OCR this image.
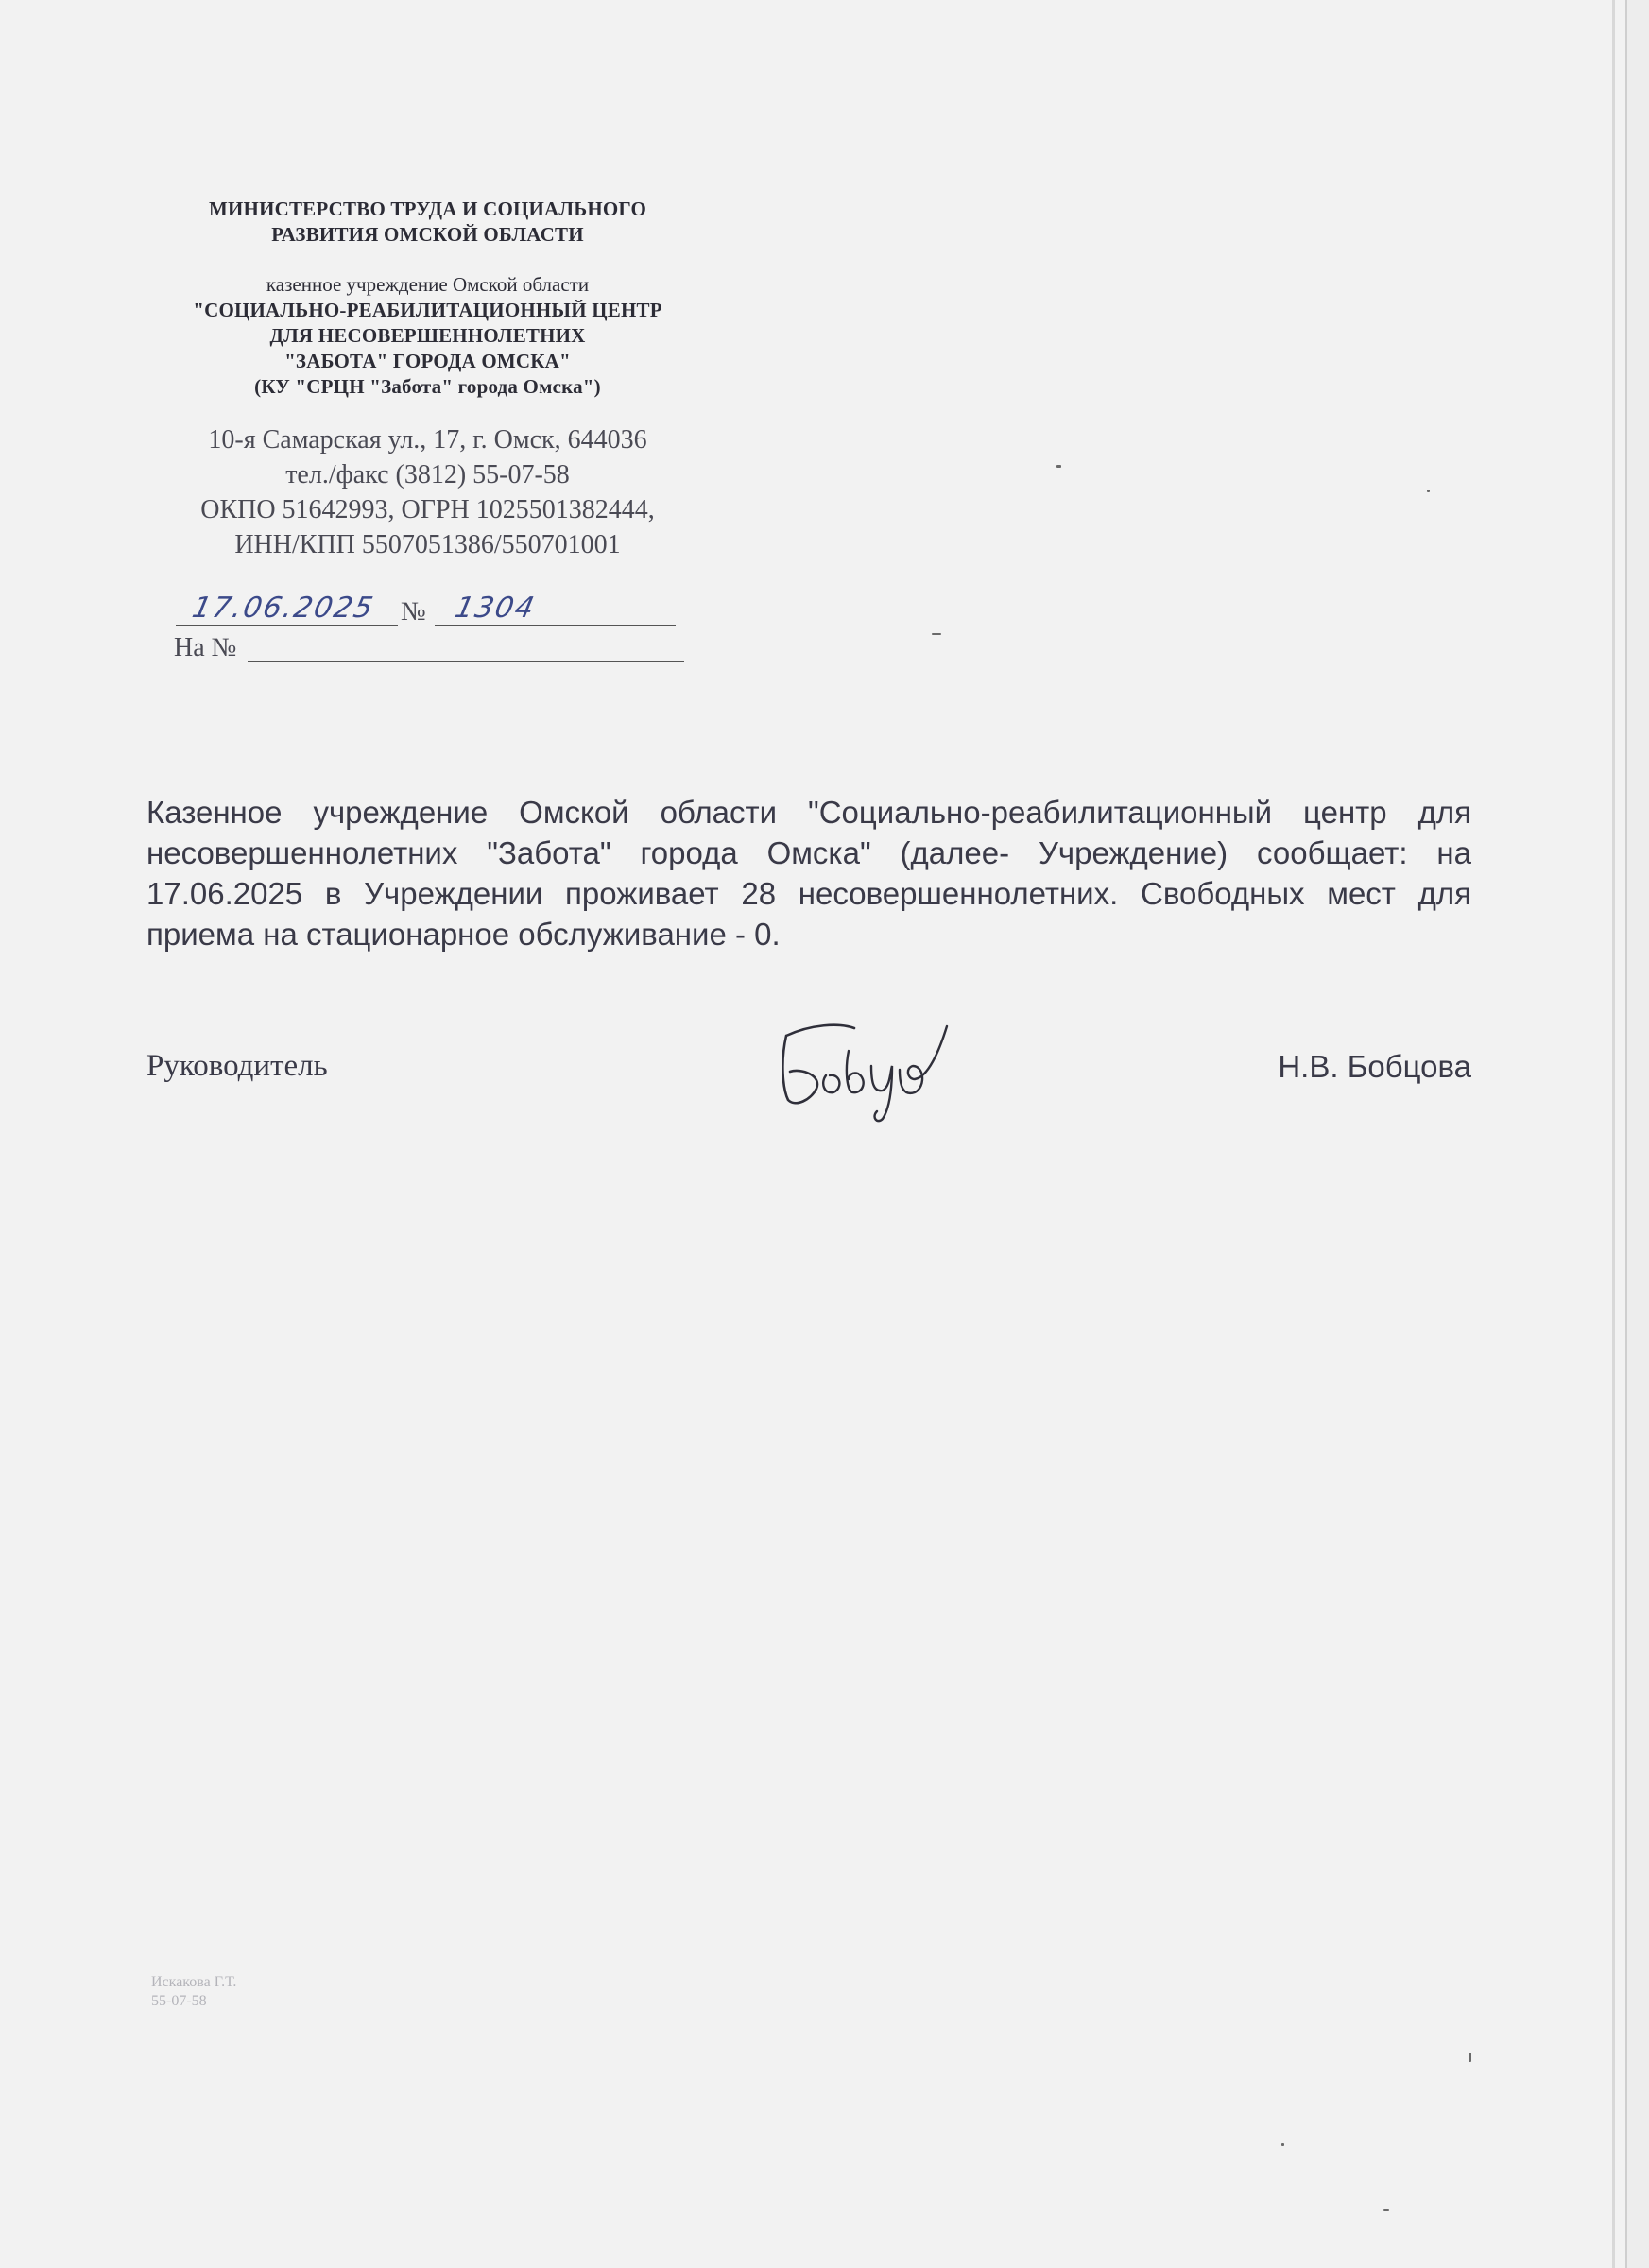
МИНИСТЕРСТВО ТРУДА И СОЦИАЛЬНОГО
РАЗВИТИЯ ОМСКОЙ ОБЛАСТИ
казенное учреждение Омской области
"СОЦИАЛЬНО-РЕАБИЛИТАЦИОННЫЙ ЦЕНТР
ДЛЯ НЕСОВЕРШЕННОЛЕТНИХ
"ЗАБОТА" ГОРОДА ОМСКА"
(КУ "СРЦН "Забота" города Омска")
10-я Самарская ул., 17, г. Омск, 644036
тел./факс (3812) 55-07-58
ОКПО 51642993, ОГРН 1025501382444,
ИНН/КПП 5507051386/550701001
17.06.2025 № 1304
На №
Казенное учреждение Омской области "Социально-реабилитационный центр для несовершеннолетних "Забота" города Омска" (далее- Учреждение) сообщает: на 17.06.2025 в Учреждении проживает 28 несовершеннолетних. Свободных мест для приема на стационарное обслуживание - 0.
Руководитель	Н.В. Бобцова
Искакова Г.Т.
55-07-58
